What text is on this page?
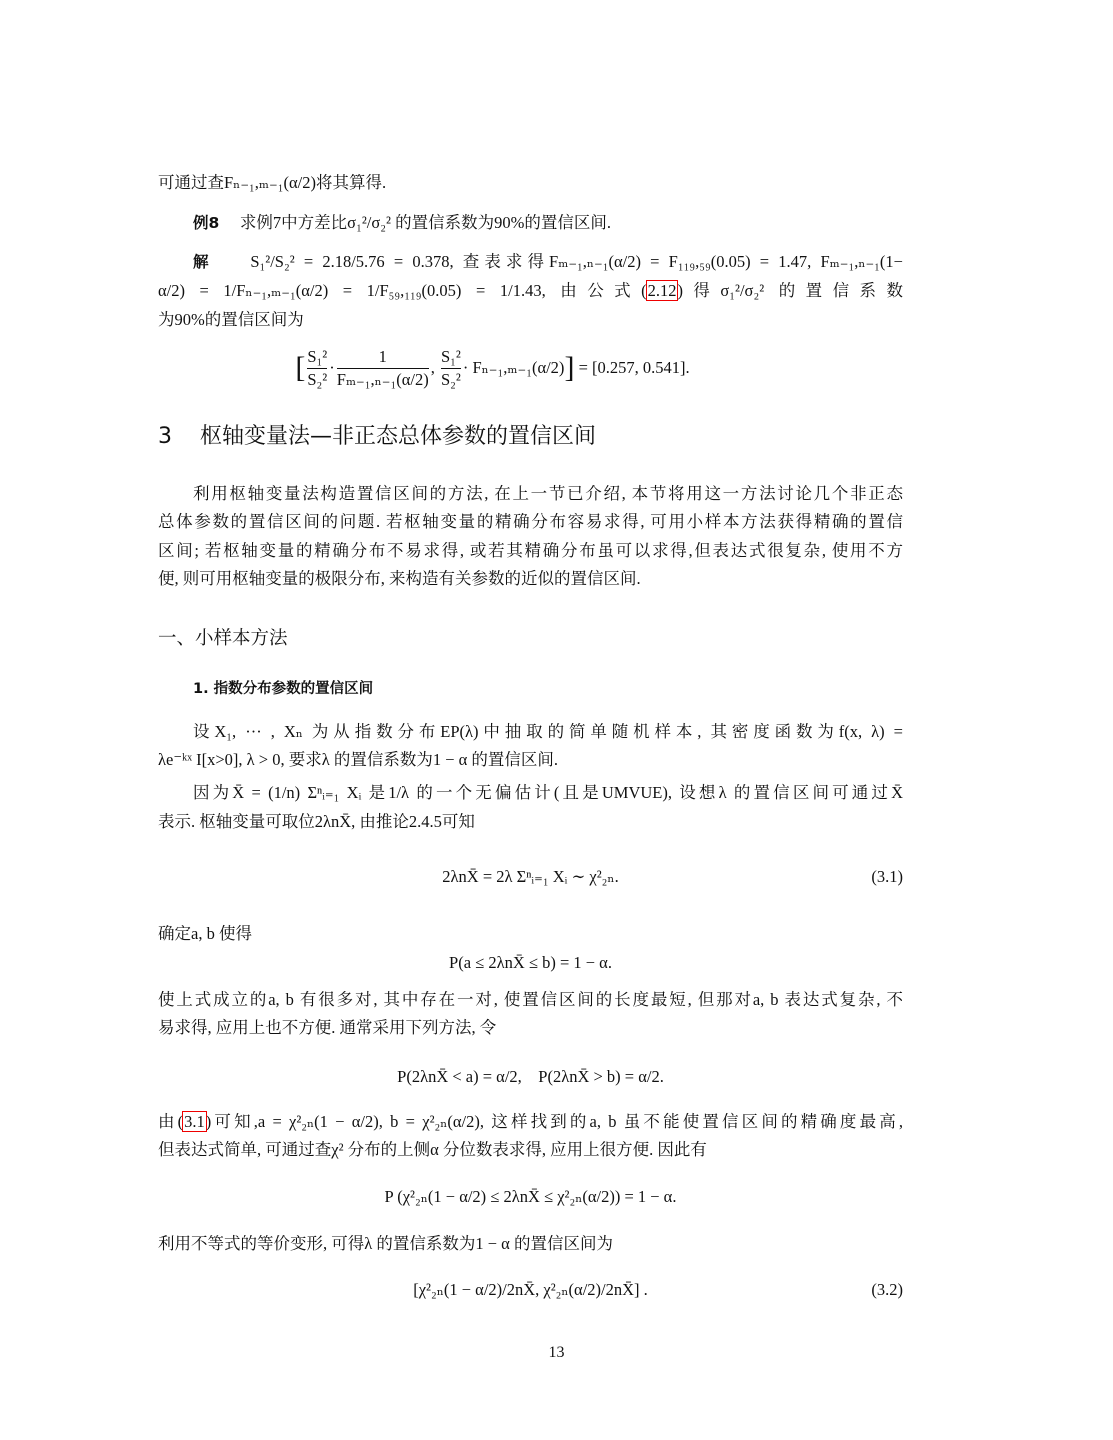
可通过查Fₙ₋₁,ₘ₋₁(α/2)将其算得.
例8 求例7中方差比σ₁²/σ₂² 的置信系数为90%的置信区间.
解 S₁²/S₂² = 2.18/5.76 = 0.378, 查表求得Fₘ₋₁,ₙ₋₁(α/2) = F₁₁₉,₅₉(0.05) = 1.47, Fₘ₋₁,ₙ₋₁(1−
α/2) = 1/Fₙ₋₁,ₘ₋₁(α/2) = 1/F₅₉,₁₁₉(0.05) = 1/1.43, 由公式(2.12)得σ₁²/σ₂² 的置信系数
为90%的置信区间为
[ $\frac{\text{S₁²}}{\text{S₂²}} \cdot \frac{1}{\text{Fₘ₋₁,ₙ₋₁(α/2)}}$ , $\frac{\text{S₁²}}{\text{S₂²}} \cdot F_{n-1},_{m-1}(\alpha/2)$ ]
= [0.257, 0.541].
3 枢轴变量法—非正态总体参数的置信区间
利用枢轴变量法构造置信区间的方法, 在上一节已介绍, 本节将用这一方法讨论几个非正态
总体参数的置信区间的问题. 若枢轴变量的精确分布容易求得, 可用小样本方法获得精确的置信
区间; 若枢轴变量的精确分布不易求得, 或若其精确分布虽可以求得,但表达式很复杂, 使用不方
便, 则可用枢轴变量的极限分布, 来构造有关参数的近似的置信区间.
一、小样本方法
1. 指数分布参数的置信区间
设X₁, ··· , Xₙ 为从指数分布EP(λ)中抽取的简单随机样本, 其密度函数为f(x, λ) =
λe⁻ᵏˣ I[x>0], λ > 0, 要求λ 的置信系数为1 − α 的置信区间.
因为X̄ = (1/n) Σⁿᵢ₌₁ Xᵢ 是1/λ 的一个无偏估计(且是UMVUE), 设想λ 的置信区间可通过X̄
表示. 枢轴变量可取位2λnX̄, 由推论2.4.5可知
2λnX̄ = 2λ Σⁿᵢ₌₁ Xᵢ ∼ χ²₂ₙ.	(3.1)
确定a, b 使得
P(a ≤ 2λnX̄ ≤ b) = 1 − α.
使上式成立的a, b 有很多对, 其中存在一对, 使置信区间的长度最短, 但那对a, b 表达式复杂, 不
易求得, 应用上也不方便. 通常采用下列方法, 令
P(2λnX̄ < a) = α/2,    P(2λnX̄ > b) = α/2.
由(3.1)可知,a = χ²₂ₙ(1 − α/2), b = χ²₂ₙ(α/2), 这样找到的a, b 虽不能使置信区间的精确度最高,
但表达式简单, 可通过查χ² 分布的上侧α 分位数表求得, 应用上很方便. 因此有
P (χ²₂ₙ(1 − α/2) ≤ 2λnX̄ ≤ χ²₂ₙ(α/2)) = 1 − α.
利用不等式的等价变形, 可得λ 的置信系数为1 − α 的置信区间为
[χ²₂ₙ(1 − α/2)/2nX̄, χ²₂ₙ(α/2)/2nX̄] .	(3.2)
13
